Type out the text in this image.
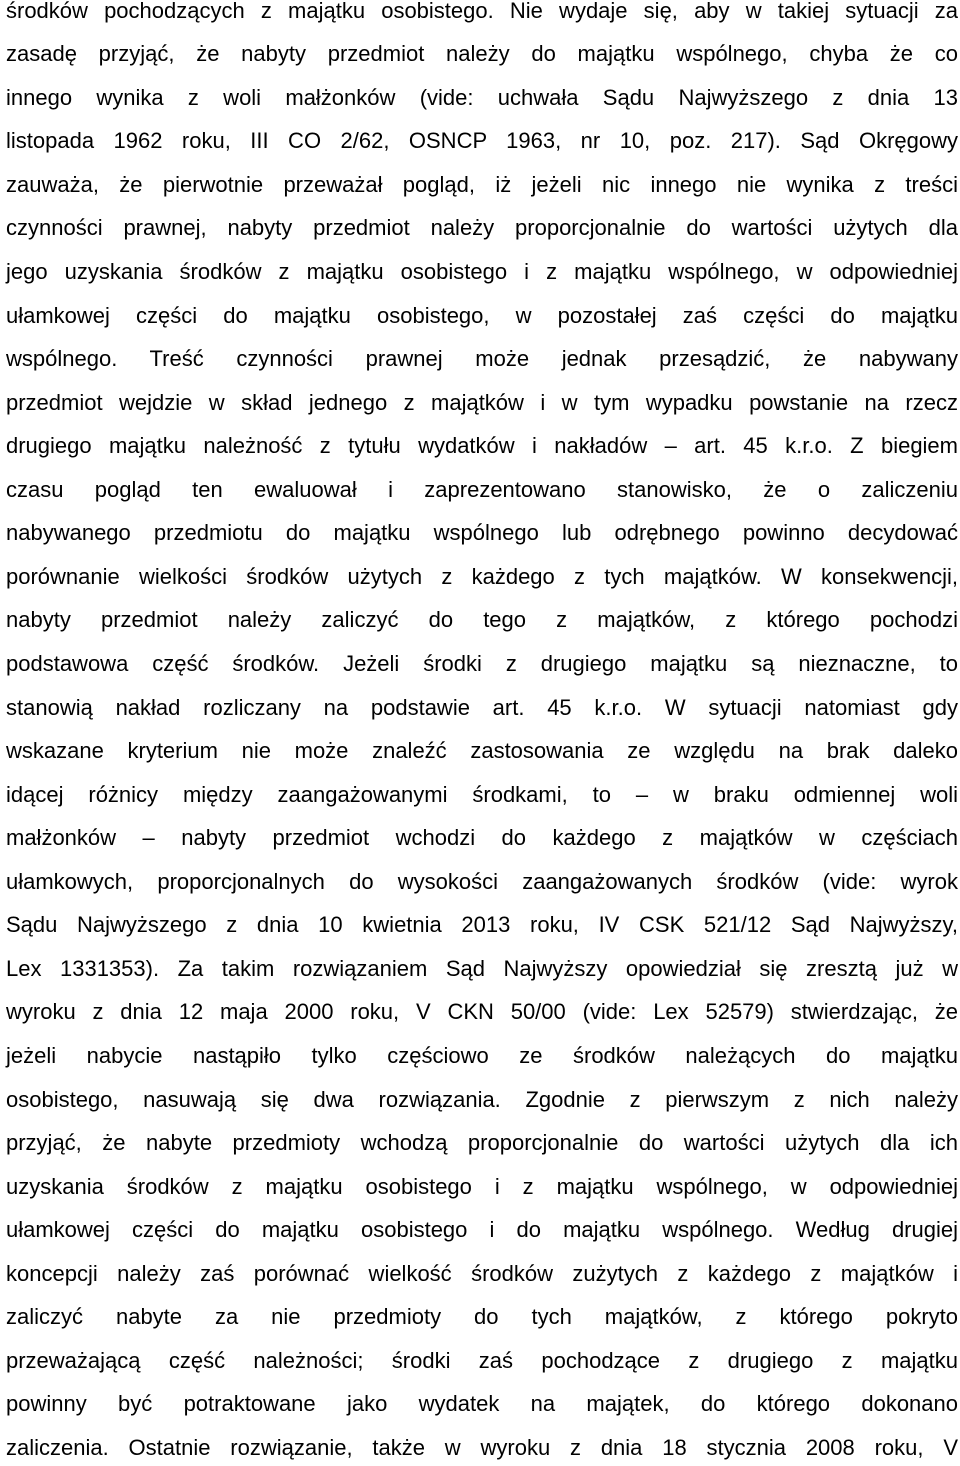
środków pochodzących z majątku osobistego. Nie wydaje się, aby w takiej sytuacji za
zasadę przyjąć, że nabyty przedmiot należy do majątku wspólnego, chyba że co
innego wynika z woli małżonków (vide: uchwała Sądu Najwyższego z dnia 13
listopada 1962 roku, III CO 2/62, OSNCP 1963, nr 10, poz. 217). Sąd Okręgowy
zauważa, że pierwotnie przeważał pogląd, iż jeżeli nic innego nie wynika z treści
czynności prawnej, nabyty przedmiot należy proporcjonalnie do wartości użytych dla
jego uzyskania środków z majątku osobistego i z majątku wspólnego, w odpowiedniej
ułamkowej części do majątku osobistego, w pozostałej zaś części do majątku
wspólnego. Treść czynności prawnej może jednak przesądzić, że nabywany
przedmiot wejdzie w skład jednego z majątków i w tym wypadku powstanie na rzecz
drugiego majątku należność z tytułu wydatków i nakładów – art. 45 k.r.o. Z biegiem
czasu pogląd ten ewaluował i zaprezentowano stanowisko, że o zaliczeniu
nabywanego przedmiotu do majątku wspólnego lub odrębnego powinno decydować
porównanie wielkości środków użytych z każdego z tych majątków. W konsekwencji,
nabyty przedmiot należy zaliczyć do tego z majątków, z którego pochodzi
podstawowa część środków. Jeżeli środki z drugiego majątku są nieznaczne, to
stanowią nakład rozliczany na podstawie art. 45 k.r.o. W sytuacji natomiast gdy
wskazane kryterium nie może znaleźć zastosowania ze względu na brak daleko
idącej różnicy między zaangażowanymi środkami, to – w braku odmiennej woli
małżonków – nabyty przedmiot wchodzi do każdego z majątków w częściach
ułamkowych, proporcjonalnych do wysokości zaangażowanych środków (vide: wyrok
Sądu Najwyższego z dnia 10 kwietnia 2013 roku, IV CSK 521/12 Sąd Najwyższy,
Lex 1331353). Za takim rozwiązaniem Sąd Najwyższy opowiedział się zresztą już w
wyroku z dnia 12 maja 2000 roku, V CKN 50/00 (vide: Lex 52579) stwierdzając, że
jeżeli nabycie nastąpiło tylko częściowo ze środków należących do majątku
osobistego, nasuwają się dwa rozwiązania. Zgodnie z pierwszym z nich należy
przyjąć, że nabyte przedmioty wchodzą proporcjonalnie do wartości użytych dla ich
uzyskania środków z majątku osobistego i z majątku wspólnego, w odpowiedniej
ułamkowej części do majątku osobistego i do majątku wspólnego. Według drugiej
koncepcji należy zaś porównać wielkość środków zużytych z każdego z majątków i
zaliczyć nabyte za nie przedmioty do tych majątków, z którego pokryto
przeważającą część należności; środki zaś pochodzące z drugiego z majątku
powinny być potraktowane jako wydatek na majątek, do którego dokonano
zaliczenia. Ostatnie rozwiązanie, także w wyroku z dnia 18 stycznia 2008 roku, V
